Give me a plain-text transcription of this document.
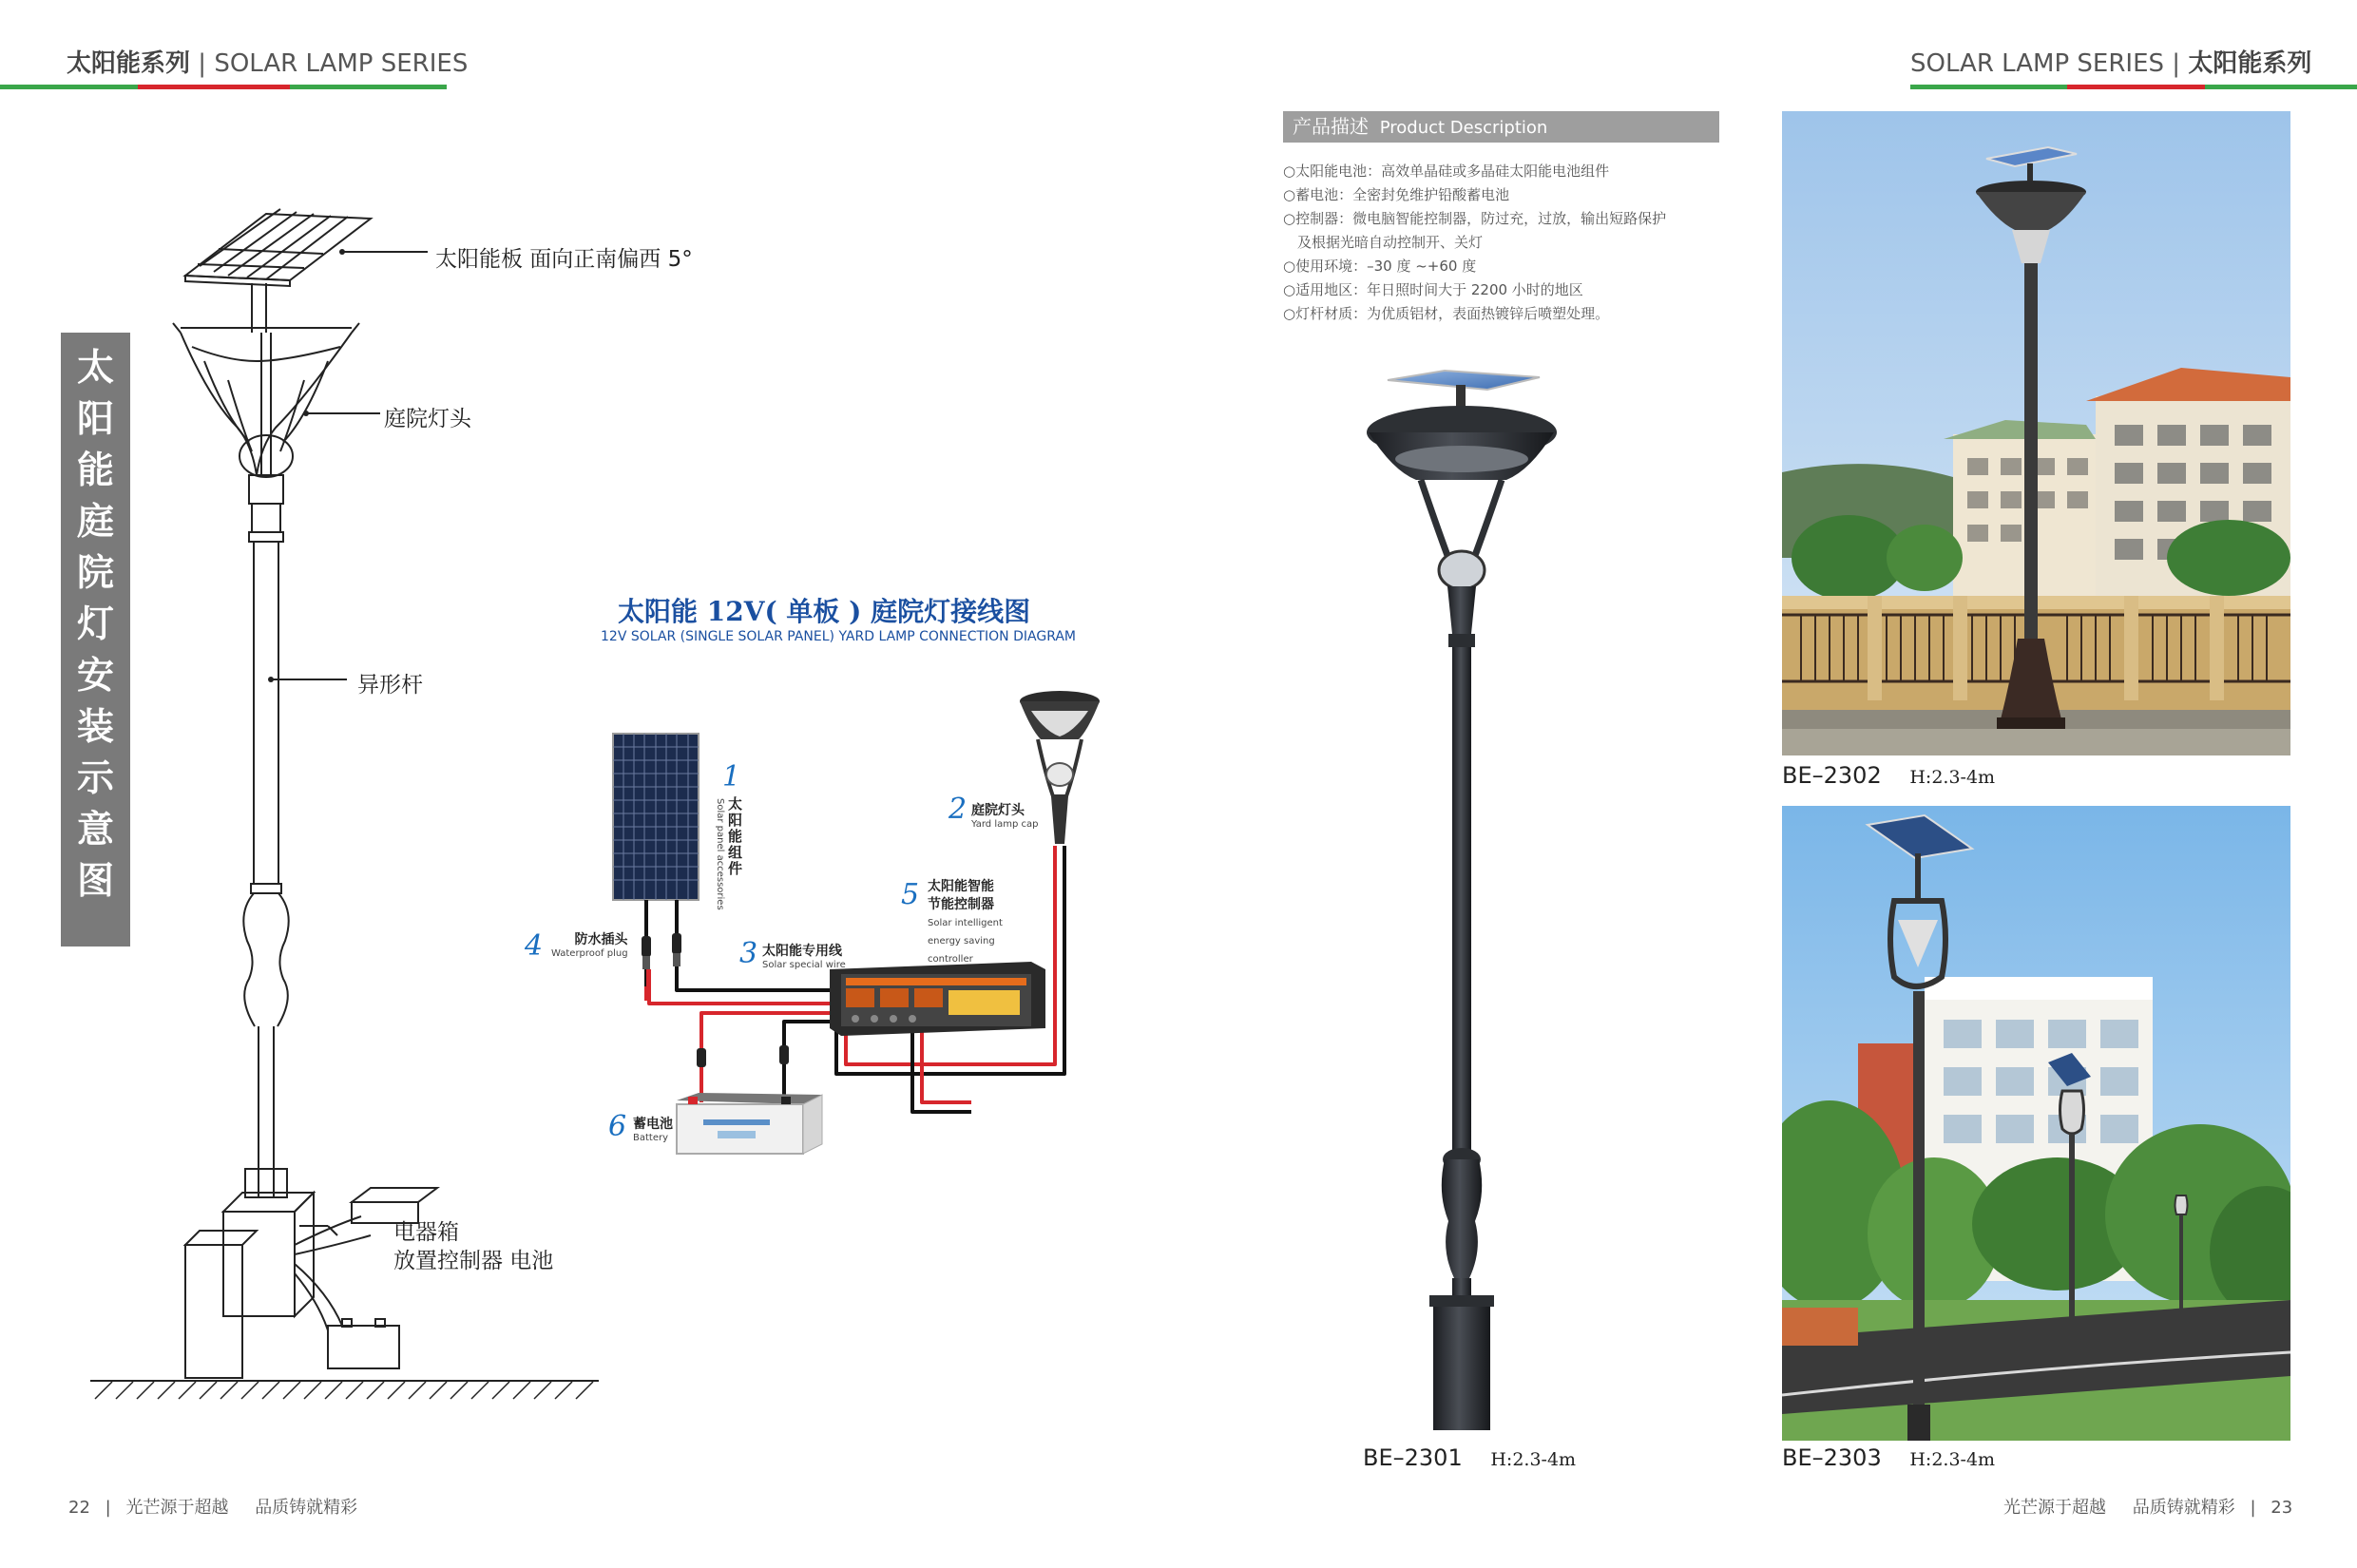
太阳能系列 | SOLAR LAMP SERIES	SOLAR LAMP SERIES | 太阳能系列
太
阳
能
庭
院
灯
安
装
示
意
图
太阳能板 面向正南偏西 5°
庭院灯头
异形杆
电器箱
放置控制器 电池
太阳能 12V( 单板 ) 庭院灯接线图
12V SOLAR (SINGLE SOLAR PANEL) YARD LAMP CONNECTION DIAGRAM
1
太阳能组件
Solar panel accessories	2 庭院灯头
Yard lamp cap
3 太阳能专用线
Solar special wire
4	防水插头
Waterproof plug
5 太阳能智能
节能控制器
Solar intelligent
energy saving
controller
6 蓄电池
Battery
产品描述 Product Description
○太阳能电池：高效单晶硅或多晶硅太阳能电池组件
○蓄电池：全密封免维护铅酸蓄电池
○控制器：微电脑智能控制器，防过充，过放，输出短路保护
　及根据光暗自动控制开、关灯
○使用环境：–30 度 ~+60 度
○适用地区：年日照时间大于 2200 小时的地区
○灯杆材质：为优质铝材，表面热镀锌后喷塑处理。
BE–2301 H:2.3-4m
BE–2302 H:2.3-4m
BE–2303 H:2.3-4m
22 | 光芒源于超越 品质铸就精彩	光芒源于超越 品质铸就精彩 | 23
